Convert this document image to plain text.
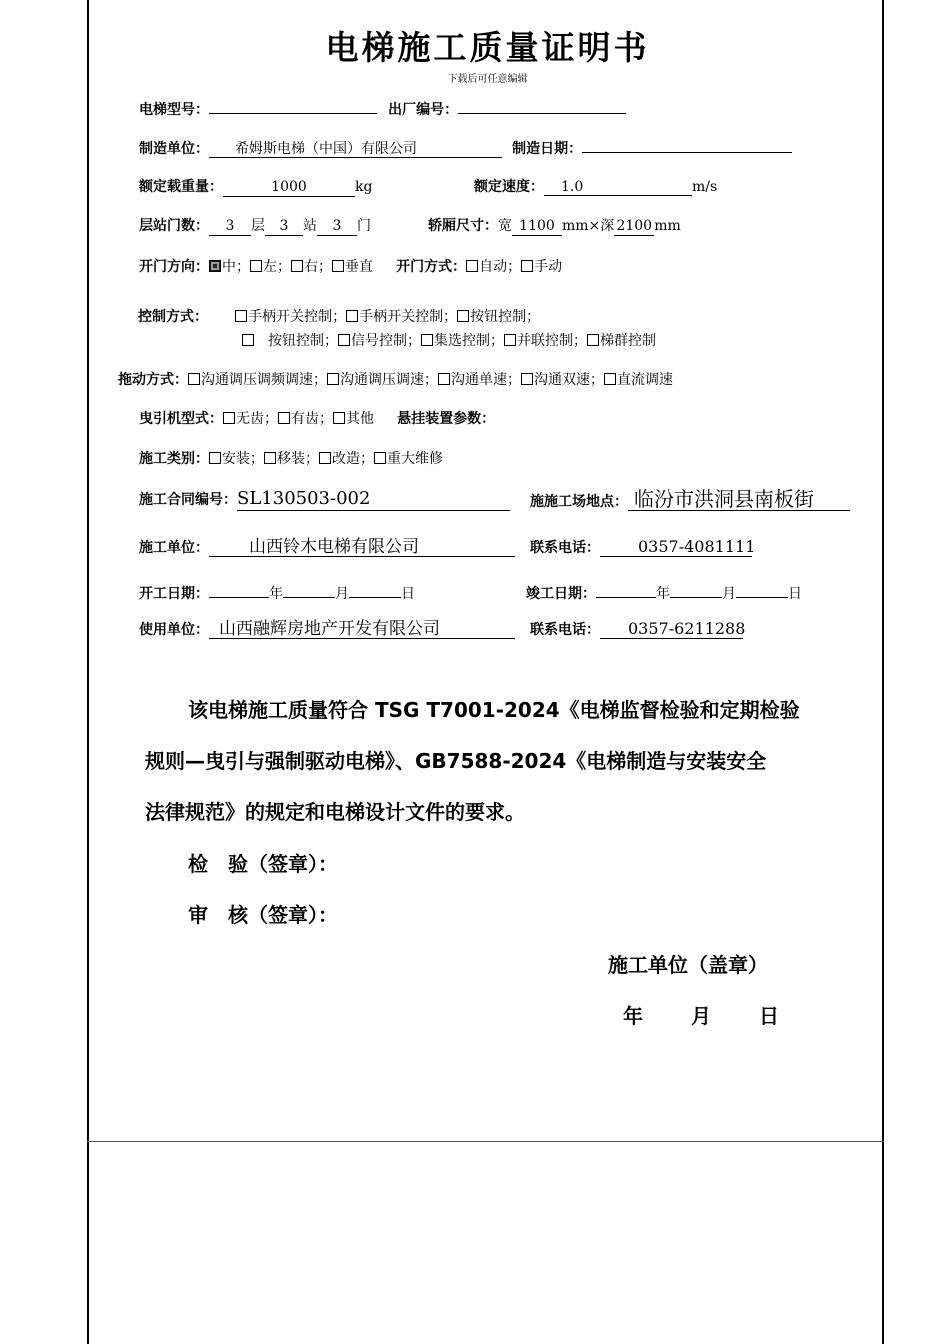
电梯施工质量证明书
下载后可任意编辑
电梯型号：	出厂编号：
制造单位： 希姆斯电梯（中国）有限公司	制造日期：
额定载重量：	1000	kg	额定速度： 1.0	m/s
层站门数： 3 层 3 站 3 门	轿厢尺寸：宽 1100 mm×深 2100 mm
开门方向： 中； 左； 右； 垂直 开门方式： 自动； 手动
控制方式：	手柄开关控制； 手柄开关控制； 按钮控制；
按钮控制； 信号控制； 集选控制； 并联控制； 梯群控制
拖动方式： 沟通调压调频调速； 沟通调压调速； 沟通单速； 沟通双速； 直流调速
曳引机型式： 无齿； 有齿； 其他 悬挂装置参数：
施工类别： 安装； 移装； 改造； 重大维修
施工合同编号：SL130503-002	施施工场地点： 临汾市洪洞县南板街
施工单位： 山西铃木电梯有限公司	联系电话： 0357-4081111
开工日期：	年	月	日	竣工日期：	年	月	日
使用单位： 山西融辉房地产开发有限公司	联系电话： 0357-6211288
该电梯施工质量符合 TSG T7001-2024《电梯监督检验和定期检验
规则—曳引与强制驱动电梯》、GB7588-2024《电梯制造与安装安全
法律规范》的规定和电梯设计文件的要求。
检　验（签章）：
审　核（签章）：
施工单位（盖章）
年 月 日
